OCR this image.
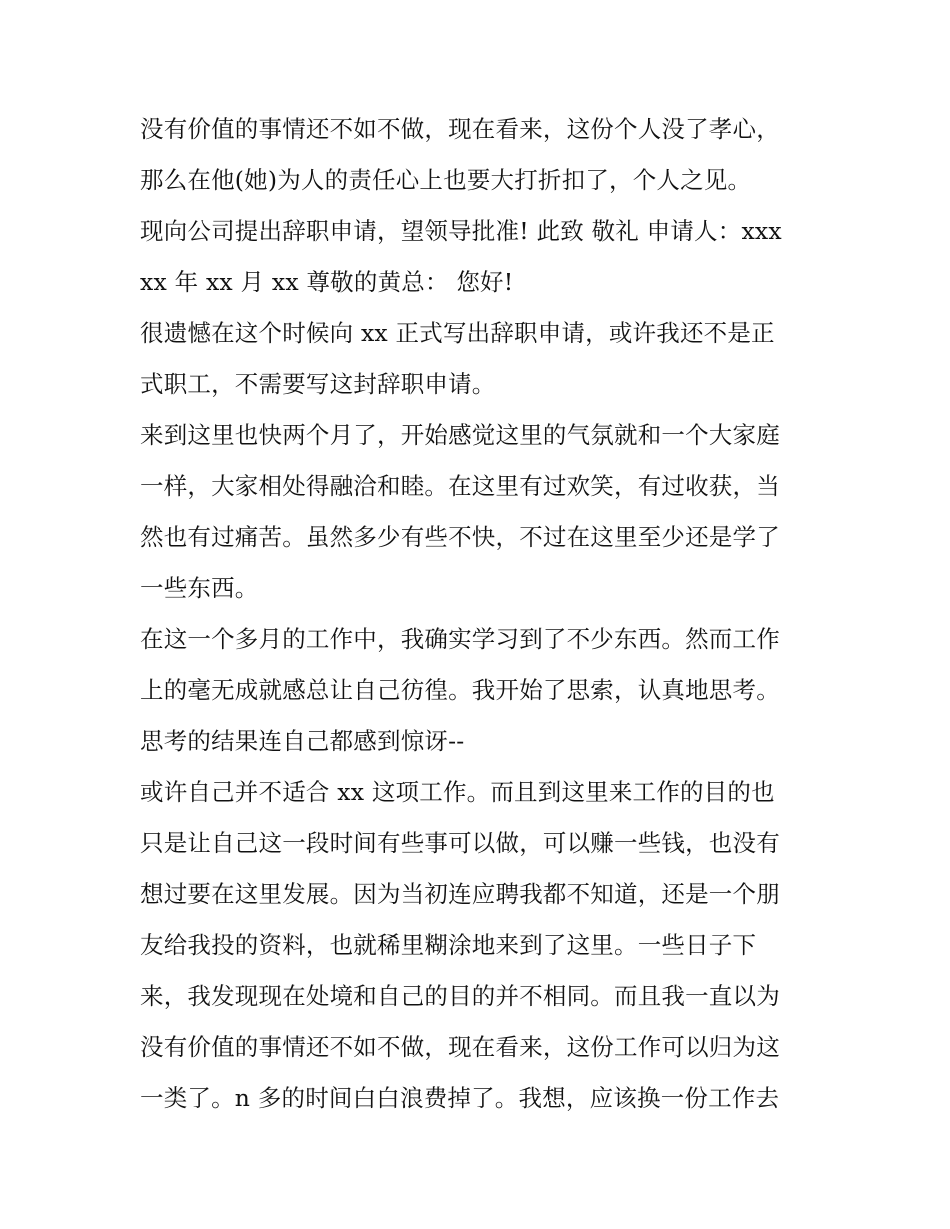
没有价值的事情还不如不做，现在看来，这份个人没了孝心，
那么在他(她)为人的责任心上也要大打折扣了，个人之见。
现向公司提出辞职申请，望领导批准! 此致 敬礼 申请人：xxx
xx 年 xx 月 xx 尊敬的黄总： 您好!
很遗憾在这个时候向 xx 正式写出辞职申请，或许我还不是正
式职工，不需要写这封辞职申请。
来到这里也快两个月了，开始感觉这里的气氛就和一个大家庭
一样，大家相处得融洽和睦。在这里有过欢笑，有过收获，当
然也有过痛苦。虽然多少有些不快，不过在这里至少还是学了
一些东西。
在这一个多月的工作中，我确实学习到了不少东西。然而工作
上的毫无成就感总让自己彷徨。我开始了思索，认真地思考。
思考的结果连自己都感到惊讶--
或许自己并不适合 xx 这项工作。而且到这里来工作的目的也
只是让自己这一段时间有些事可以做，可以赚一些钱，也没有
想过要在这里发展。因为当初连应聘我都不知道，还是一个朋
友给我投的资料，也就稀里糊涂地来到了这里。一些日子下
来，我发现现在处境和自己的目的并不相同。而且我一直以为
没有价值的事情还不如不做，现在看来，这份工作可以归为这
一类了。n 多的时间白白浪费掉了。我想，应该换一份工作去
